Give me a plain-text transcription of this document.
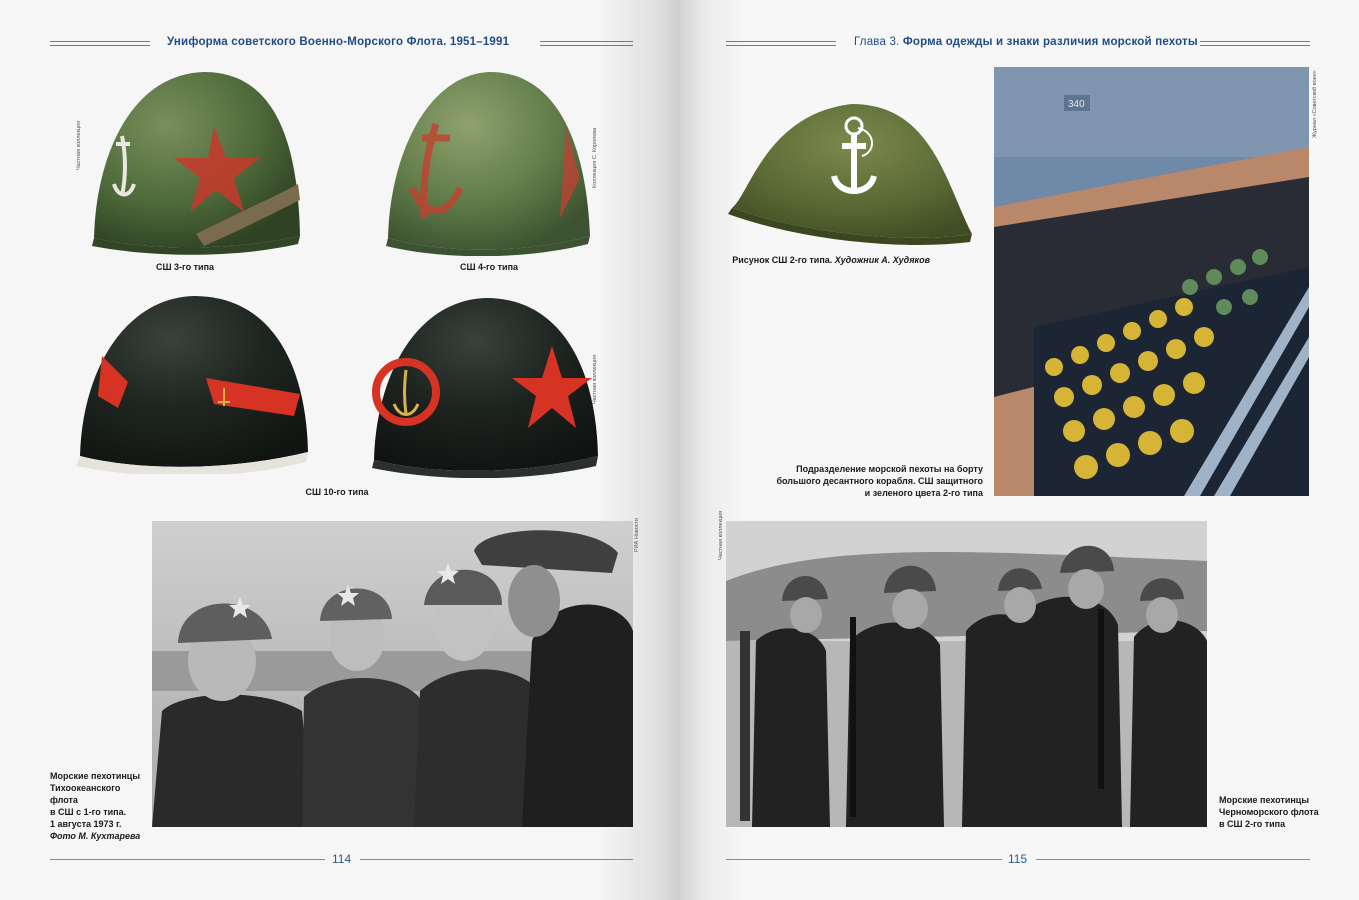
Униформа советского Военно-Морского Флота. 1951–1991
Частная коллекция
СШ 3-го типа
Коллекция С. Королева
СШ 4-го типа
Частная коллекция
СШ 10-го типа
РИА Новости
Морские пехотинцы
Тихоокеанского флота
в СШ с 1-го типа.
1 августа 1973 г.
Фото М. Кухтарева
114
Глава 3. Форма одежды и знаки различия морской пехоты
Рисунок СШ 2-го типа. Художник А. Худяков
340	Журнал «Советский воин»
Подразделение морской пехоты на борту
большого десантного корабля. СШ защитного
и зеленого цвета 2-го типа
Частная коллекция
Морские пехотинцы
Черноморского флота
в СШ 2-го типа
115
